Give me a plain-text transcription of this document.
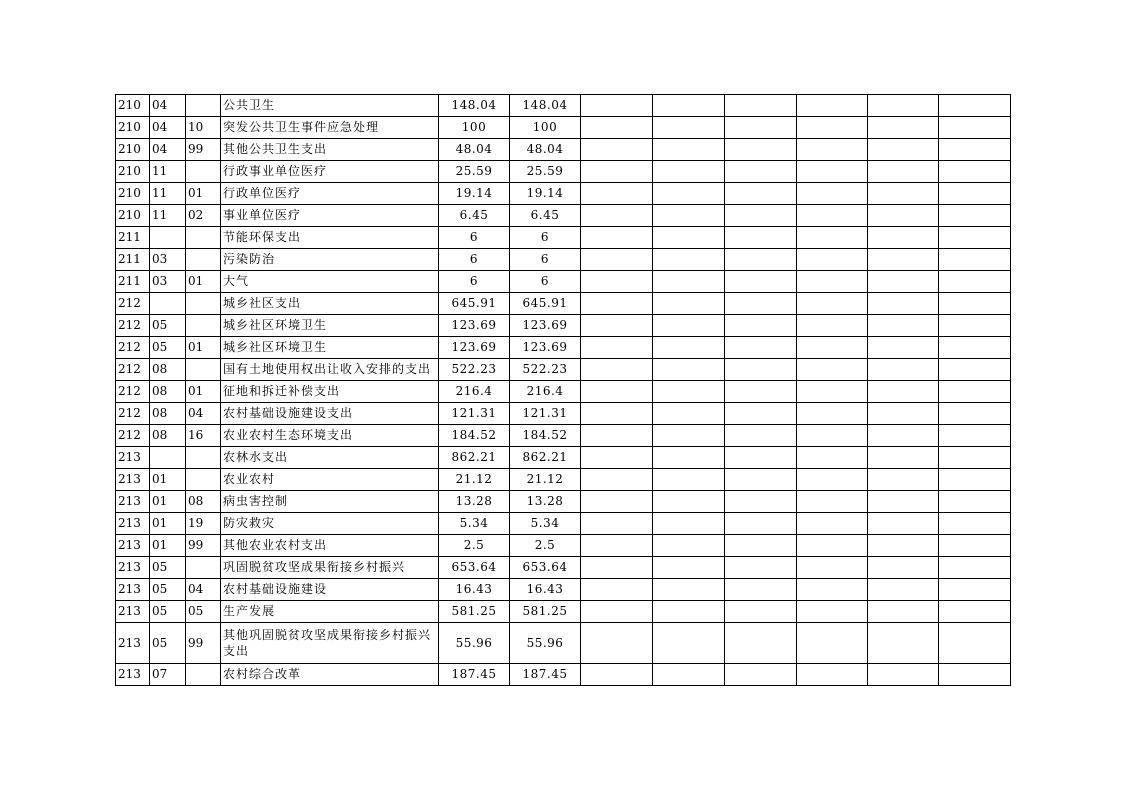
210	04		公共卫生	148.04	148.04						
210	04	10	突发公共卫生事件应急处理	100	100						
210	04	99	其他公共卫生支出	48.04	48.04						
210	11		行政事业单位医疗	25.59	25.59						
210	11	01	行政单位医疗	19.14	19.14						
210	11	02	事业单位医疗	6.45	6.45						
211			节能环保支出	6	6						
211	03		污染防治	6	6						
211	03	01	大气	6	6						
212			城乡社区支出	645.91	645.91						
212	05		城乡社区环境卫生	123.69	123.69						
212	05	01	城乡社区环境卫生	123.69	123.69						
212	08		国有土地使用权出让收入安排的支出	522.23	522.23						
212	08	01	征地和拆迁补偿支出	216.4	216.4						
212	08	04	农村基础设施建设支出	121.31	121.31						
212	08	16	农业农村生态环境支出	184.52	184.52						
213			农林水支出	862.21	862.21						
213	01		农业农村	21.12	21.12						
213	01	08	病虫害控制	13.28	13.28						
213	01	19	防灾救灾	5.34	5.34						
213	01	99	其他农业农村支出	2.5	2.5						
213	05		巩固脱贫攻坚成果衔接乡村振兴	653.64	653.64						
213	05	04	农村基础设施建设	16.43	16.43						
213	05	05	生产发展	581.25	581.25						
213	05	99	其他巩固脱贫攻坚成果衔接乡村振兴支出	55.96	55.96						
213	07		农村综合改革	187.45	187.45						
